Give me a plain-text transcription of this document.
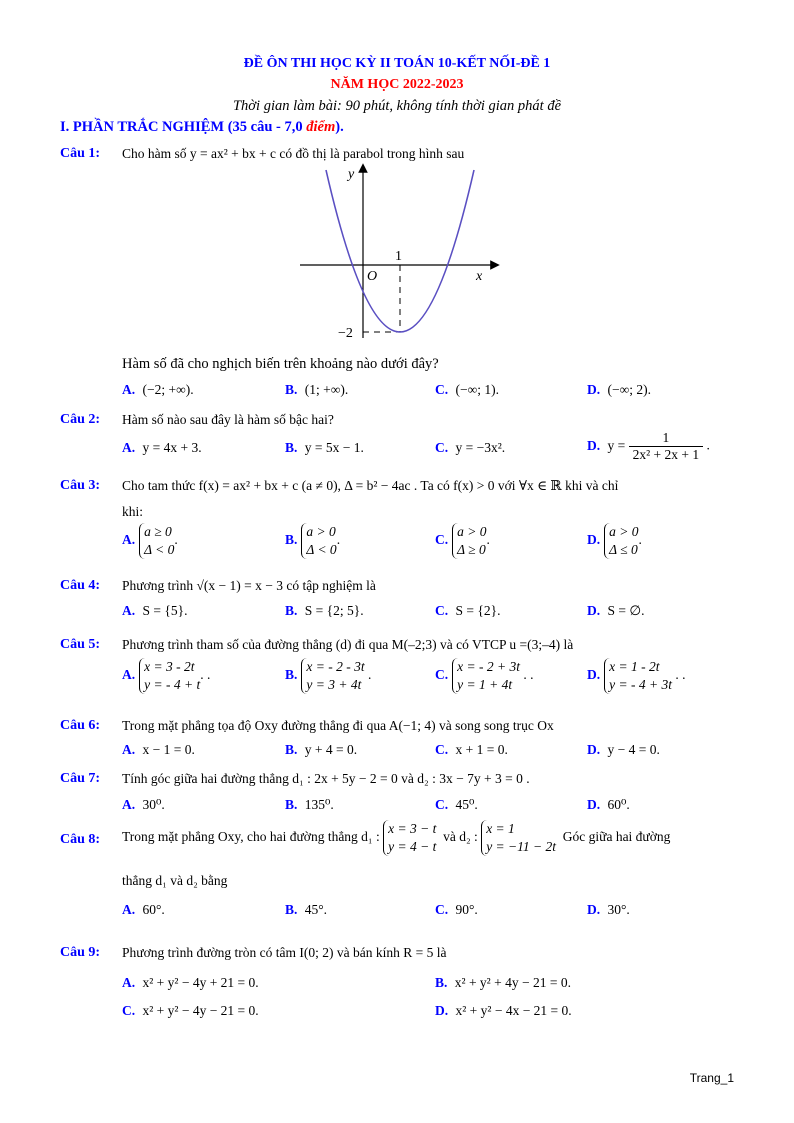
ĐỀ ÔN THI HỌC KỲ II TOÁN 10-KẾT NỐI-ĐỀ 1
NĂM HỌC 2022-2023
Thời gian làm bài: 90 phút, không tính thời gian phát đề
I. PHẦN TRẮC NGHIỆM (35 câu - 7,0 điểm).
Câu 1: Cho hàm số y = ax² + bx + c có đồ thị là parabol trong hình sau
y
x
O
1
−2
Hàm số đã cho nghịch biến trên khoảng nào dưới đây?
A. (−2; +∞).	B. (1; +∞).	C. (−∞; 1).	D. (−∞; 2).
Câu 2: Hàm số nào sau đây là hàm số bậc hai?
A. y = 4x + 3.	B. y = 5x − 1.	C. y = −3x².	D. $y = \frac{1}{\text{2x² + 2x + 1}}$ .
Câu 3: Cho tam thức f(x) = ax² + bx + c (a ≠ 0), Δ = b² − 4ac . Ta có f(x) > 0 với ∀x ∈ ℝ khi và chỉ
khi:
A.a ≥ 0
Δ < 0.	B.a > 0
Δ < 0.	C.a > 0
Δ ≥ 0.	D.a > 0
Δ ≤ 0.
Câu 4: Phương trình √(x − 1) = x − 3 có tập nghiệm là
A. S = {5}.	B. S = {2; 5}.	C. S = {2}.	D. S = ∅.
Câu 5: Phương trình tham số của đường thẳng (d) đi qua M(–2;3) và có VTCP u =(3;–4) là
A.x = 3 - 2t
y = - 4 + t. .	B.x = - 2 - 3t
y = 3 + 4t .	C.x = - 2 + 3t
y = 1 + 4t . .	D.x = 1 - 2t
y = - 4 + 3t . .
Câu 6: Trong mặt phẳng tọa độ Oxy đường thẳng đi qua A(−1; 4) và song song trục Ox
A. x − 1 = 0.	B. y + 4 = 0.	C. x + 1 = 0.	D. y − 4 = 0.
Câu 7: Tính góc giữa hai đường thẳng d₁ : 2x + 5y − 2 = 0 và d₂ : 3x − 7y + 3 = 0 .
A. 30⁰.	B. 135⁰.	C. 45⁰.	D. 60⁰.
Câu 8: Trong mặt phẳng Oxy, cho hai đường thẳng d₁ : x = 3 − t
y = 4 − t  và d₂ : x = 1
y = −11 − 2t  Góc giữa hai đường
thẳng d₁ và d₂ bằng
A. 60°.	B. 45°.	C. 90°.	D. 30°.
Câu 9: Phương trình đường tròn có tâm I(0; 2) và bán kính R = 5 là
A. x² + y² − 4y + 21 = 0.	B. x² + y² + 4y − 21 = 0.
C. x² + y² − 4y − 21 = 0.	D. x² + y² − 4x − 21 = 0.
Trang_1
